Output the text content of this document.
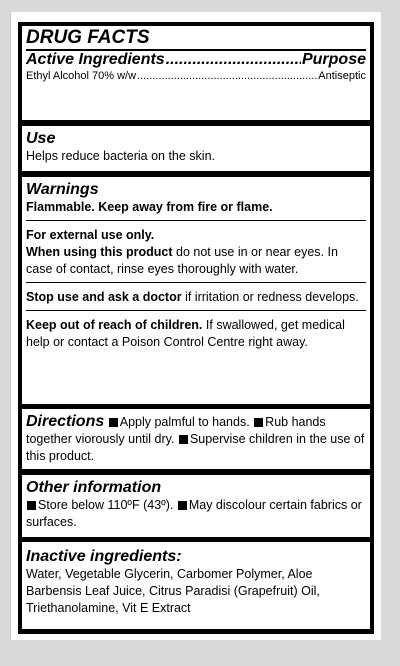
DRUG FACTS
Active Ingredients .....	Purpose
Ethyl Alcohol 70% w/w .....	Antiseptic
Use
Helps reduce bacteria on the skin.
Warnings
Flammable. Keep away from fire or flame.
For external use only.
When using this product do not use in or near eyes. In case of contact, rinse eyes thoroughly with water.
Stop use and ask a doctor if irritation or redness develops.
Keep out of reach of children. If swallowed, get medical help or contact a Poison Control Centre right away.
Directions Apply palmful to hands. Rub hands together viorously until dry. Supervise children in the use of this product.
Other information
Store below 110ºF (43º). May discolour certain fabrics or surfaces.
Inactive ingredients:
Water, Vegetable Glycerin, Carbomer Polymer, Aloe Barbensis Leaf Juice, Citrus Paradisi (Grapefruit) Oil, Triethanolamine, Vit E Extract
